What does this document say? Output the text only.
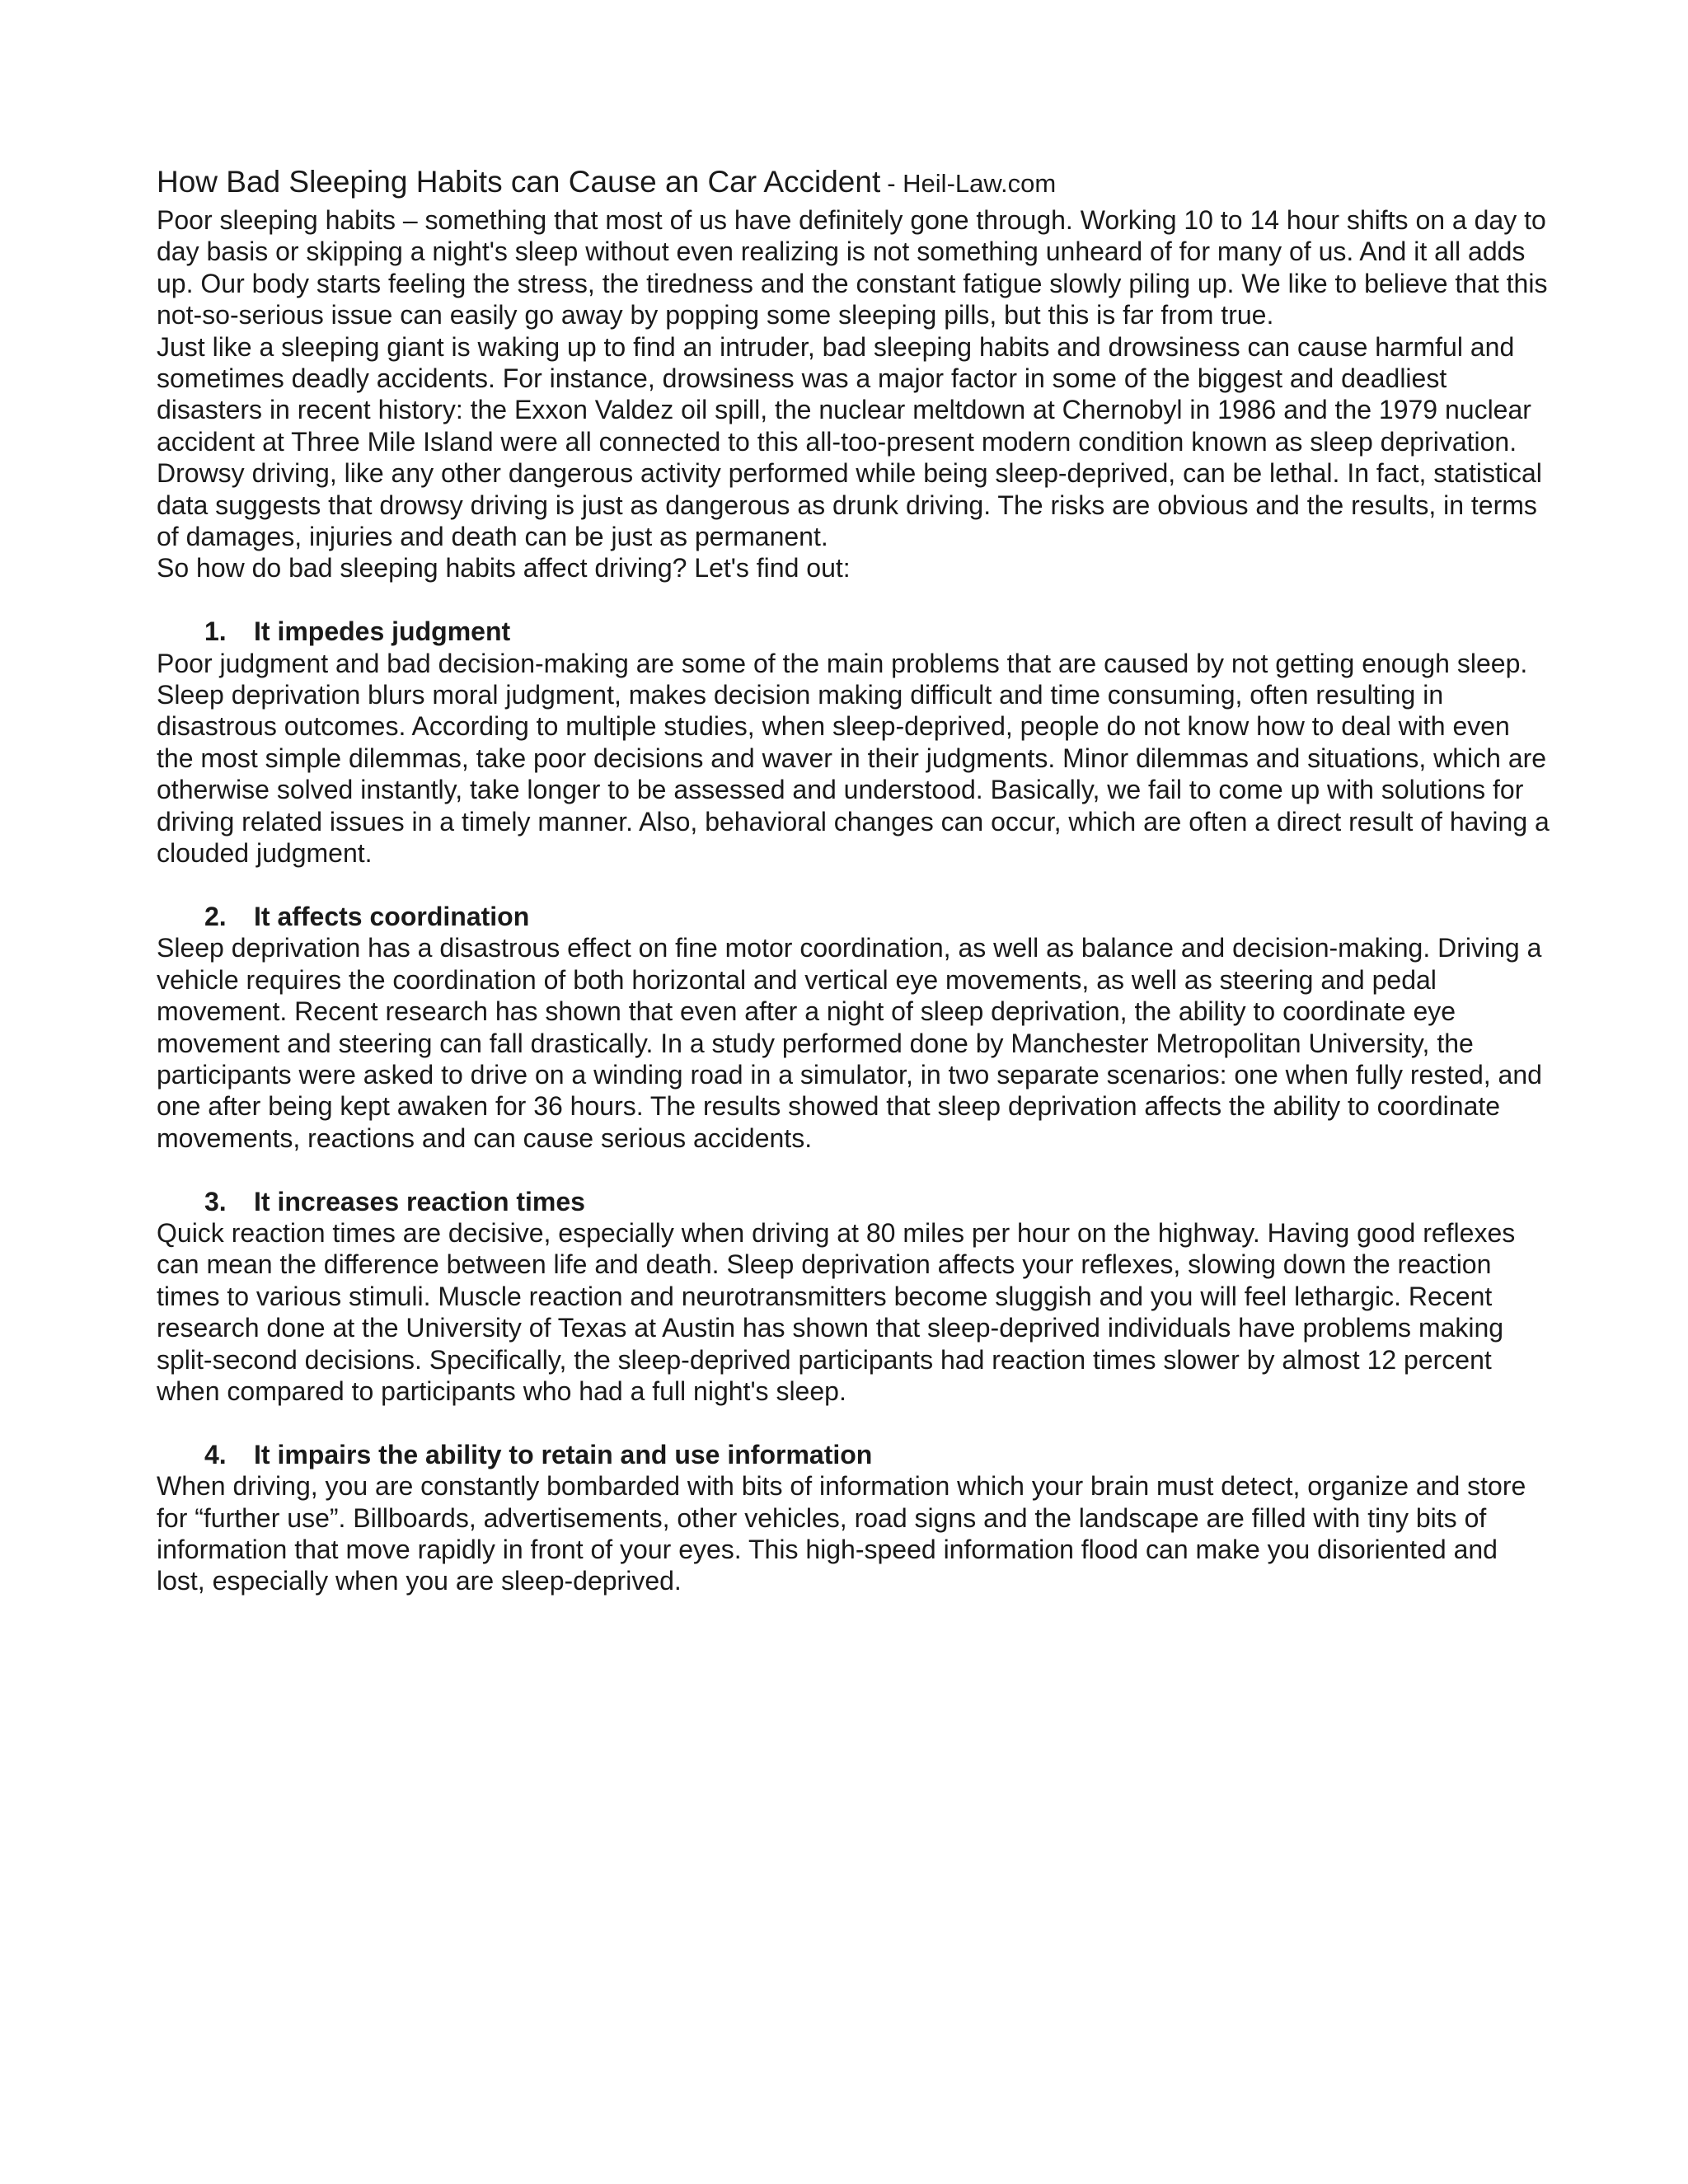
How Bad Sleeping Habits can Cause an Car Accident - Heil-Law.com

Poor sleeping habits – something that most of us have definitely gone through. Working 10 to 14 hour shifts on a day to day basis or skipping a night's sleep without even realizing is not something unheard of for many of us. And it all adds up. Our body starts feeling the stress, the tiredness and the constant fatigue slowly piling up. We like to believe that this not-so-serious issue can easily go away by popping some sleeping pills, but this is far from true.

Just like a sleeping giant is waking up to find an intruder, bad sleeping habits and drowsiness can cause harmful and sometimes deadly accidents. For instance, drowsiness was a major factor in some of the biggest and deadliest disasters in recent history: the Exxon Valdez oil spill, the nuclear meltdown at Chernobyl in 1986 and the 1979 nuclear accident at Three Mile Island were all connected to this all-too-present modern condition known as sleep deprivation.

Drowsy driving, like any other dangerous activity performed while being sleep-deprived, can be lethal. In fact, statistical data suggests that drowsy driving is just as dangerous as drunk driving. The risks are obvious and the results, in terms of damages, injuries and death can be just as permanent.

So how do bad sleeping habits affect driving? Let's find out:

1.	It impedes judgment

Poor judgment and bad decision-making are some of the main problems that are caused by not getting enough sleep. Sleep deprivation blurs moral judgment, makes decision making difficult and time consuming, often resulting in disastrous outcomes. According to multiple studies, when sleep-deprived, people do not know how to deal with even the most simple dilemmas, take poor decisions and waver in their judgments. Minor dilemmas and situations, which are otherwise solved instantly, take longer to be assessed and understood. Basically, we fail to come up with solutions for driving related issues in a timely manner. Also, behavioral changes can occur, which are often a direct result of having a clouded judgment.

2.	It affects coordination

Sleep deprivation has a disastrous effect on fine motor coordination, as well as balance and decision-making. Driving a vehicle requires the coordination of both horizontal and vertical eye movements, as well as steering and pedal movement. Recent research has shown that even after a night of sleep deprivation, the ability to coordinate eye movement and steering can fall drastically. In a study performed done by Manchester Metropolitan University, the participants were asked to drive on a winding road in a simulator, in two separate scenarios: one when fully rested, and one after being kept awaken for 36 hours. The results showed that sleep deprivation affects the ability to coordinate movements, reactions and can cause serious accidents.

3.	It increases reaction times

Quick reaction times are decisive, especially when driving at 80 miles per hour on the highway. Having good reflexes can mean the difference between life and death. Sleep deprivation affects your reflexes, slowing down the reaction times to various stimuli. Muscle reaction and neurotransmitters become sluggish and you will feel lethargic. Recent research done at the University of Texas at Austin has shown that sleep-deprived individuals have problems making split-second decisions. Specifically, the sleep-deprived participants had reaction times slower by almost 12 percent when compared to participants who had a full night's sleep.

4.	It impairs the ability to retain and use information

When driving, you are constantly bombarded with bits of information which your brain must detect, organize and store for “further use”. Billboards, advertisements, other vehicles, road signs and the landscape are filled with tiny bits of information that move rapidly in front of your eyes. This high-speed information flood can make you disoriented and lost, especially when you are sleep-deprived.
